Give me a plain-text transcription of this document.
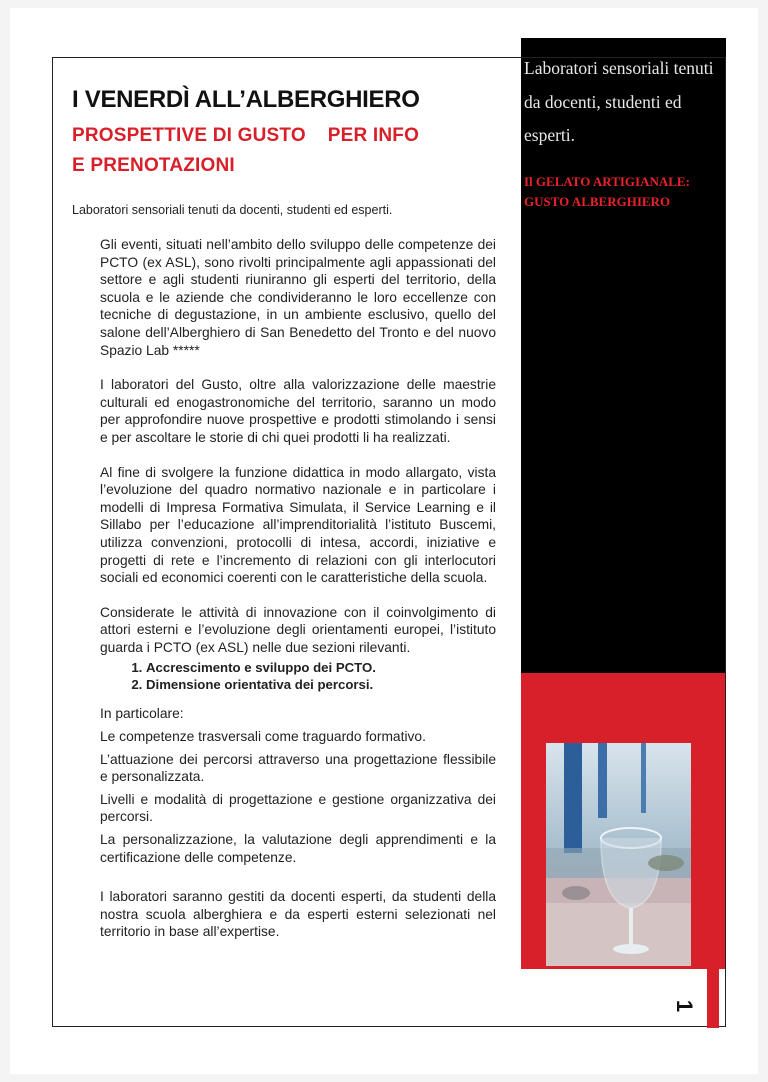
Laboratori sensoriali tenuti da docenti, studenti ed esperti.
Il GELATO ARTIGIANALE: GUSTO ALBERGHIERO
I VENERDÌ ALL’ALBERGHIERO
PROSPETTIVE DI GUSTO PER INFO
E PRENOTAZIONI
Laboratori sensoriali tenuti da docenti, studenti ed esperti.

Gli eventi, situati nell’ambito dello sviluppo delle competenze dei PCTO (ex ASL), sono rivolti principalmente agli appassionati del settore e agli studenti riuniranno gli esperti del territorio, della scuola e le aziende che condivideranno le loro eccellenze con tecniche di degustazione, in un ambiente esclusivo, quello del salone dell’Alberghiero di San Benedetto del Tronto e del nuovo Spazio Lab *****

I laboratori del Gusto, oltre alla valorizzazione delle maestrie culturali ed enogastronomiche del territorio, saranno un modo per approfondire nuove prospettive e prodotti stimolando i sensi e per ascoltare le storie di chi quei prodotti li ha realizzati.

Al fine di svolgere la funzione didattica in modo allargato, vista l’evoluzione del quadro normativo nazionale e in particolare i modelli di Impresa Formativa Simulata, il Service Learning e il Sillabo per l’educazione all’imprenditorialità l’istituto Buscemi, utilizza convenzioni, protocolli di intesa, accordi, iniziative e progetti di rete e l’incremento di relazioni con gli interlocutori sociali ed economici coerenti con le caratteristiche della scuola.

Considerate le attività di innovazione con il coinvolgimento di attori esterni e l’evoluzione degli orientamenti europei, l’istituto guarda i PCTO (ex ASL) nelle due sezioni rilevanti.

1. Accrescimento e sviluppo dei PCTO.
2. Dimensione orientativa dei percorsi.

In particolare:

Le competenze trasversali come traguardo formativo.

L’attuazione dei percorsi attraverso una progettazione flessibile e personalizzata.

Livelli e modalità di progettazione e gestione organizzativa dei percorsi.

La personalizzazione, la valutazione degli apprendimenti e la certificazione delle competenze.

I laboratori saranno gestiti da docenti esperti, da studenti della nostra scuola alberghiera e da esperti esterni selezionati nel territorio in base all’expertise.

1
